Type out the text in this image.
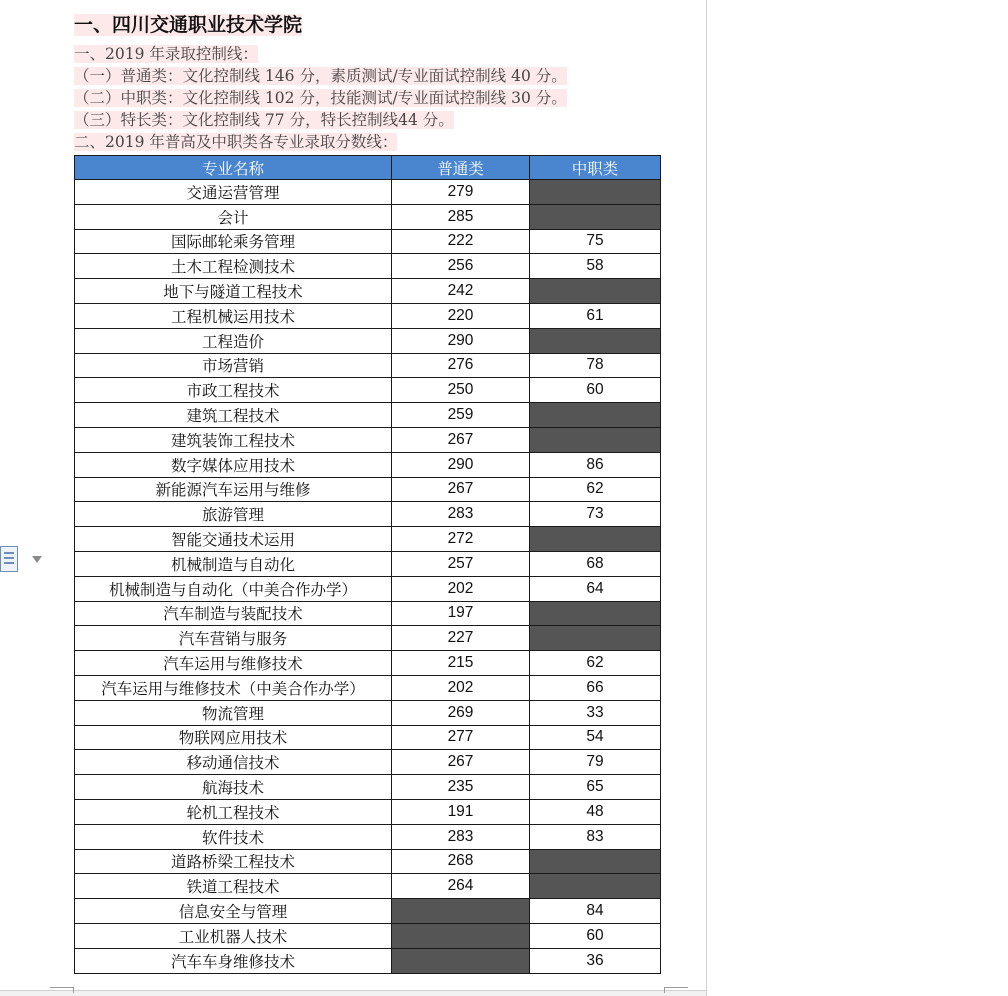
一、四川交通职业技术学院
一、2019 年录取控制线：
（一）普通类：文化控制线 146 分，素质测试/专业面试控制线 40 分。
（二）中职类：文化控制线 102 分，技能测试/专业面试控制线 30 分。
（三）特长类：文化控制线 77 分，特长控制线44 分。
二、2019 年普高及中职类各专业录取分数线：
专业名称	普通类	中职类
交通运营管理	279	
会计	285	
国际邮轮乘务管理	222	75
土木工程检测技术	256	58
地下与隧道工程技术	242	
工程机械运用技术	220	61
工程造价	290	
市场营销	276	78
市政工程技术	250	60
建筑工程技术	259	
建筑装饰工程技术	267	
数字媒体应用技术	290	86
新能源汽车运用与维修	267	62
旅游管理	283	73
智能交通技术运用	272	
机械制造与自动化	257	68
机械制造与自动化（中美合作办学）	202	64
汽车制造与装配技术	197	
汽车营销与服务	227	
汽车运用与维修技术	215	62
汽车运用与维修技术（中美合作办学）	202	66
物流管理	269	33
物联网应用技术	277	54
移动通信技术	267	79
航海技术	235	65
轮机工程技术	191	48
软件技术	283	83
道路桥梁工程技术	268	
铁道工程技术	264	
信息安全与管理		84
工业机器人技术		60
汽车车身维修技术		36
